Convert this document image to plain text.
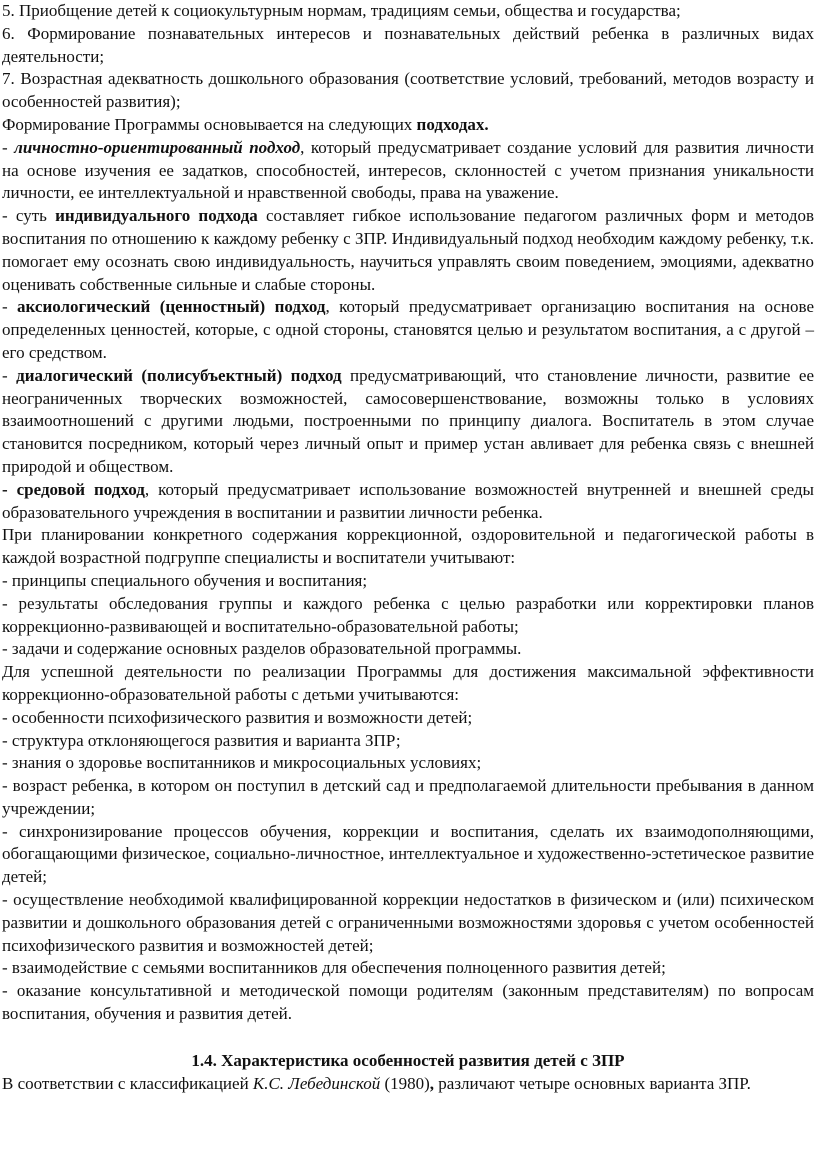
5. Приобщение детей к социокультурным нормам, традициям семьи, общества и государства;

6. Формирование познавательных интересов и познавательных действий ребенка в различных видах деятельности;

7. Возрастная адекватность дошкольного образования (соответствие условий, требований, методов возрасту и особенностей развития);

Формирование Программы основывается на следующих подходах.

- личностно-ориентированный подход, который предусматривает создание условий для развития личности на основе изучения ее задатков, способностей, интересов, склонностей с учетом признания уникальности личности, ее интеллектуальной и нравственной свободы, права на уважение.

- суть индивидуального подхода составляет гибкое использование педагогом различных форм и методов воспитания по отношению к каждому ребенку с ЗПР. Индивидуальный подход необходим каждому ребенку, т.к. помогает ему осознать свою индивидуальность, научиться управлять своим поведением, эмоциями, адекватно оценивать собственные сильные и слабые стороны.

- аксиологический (ценностный) подход, который предусматривает организацию воспитания на основе определенных ценностей, которые, с одной стороны, становятся целью и результатом воспитания, а с другой – его средством.

- диалогический (полисубъектный) подход предусматривающий, что становление личности, развитие ее неограниченных творческих возможностей, самосовершенствование, возможны только в условиях взаимоотношений с другими людьми, построенными по принципу диалога. Воспитатель в этом случае становится посредником, который через личный опыт и пример устан авливает для ребенка связь с внешней природой и обществом.

- средовой подход, который предусматривает использование возможностей внутренней и внешней среды образовательного учреждения в воспитании и развитии личности ребенка.

При планировании конкретного содержания коррекционной, оздоровительной и педагогической работы в каждой возрастной подгруппе специалисты и воспитатели учитывают:

- принципы специального обучения и воспитания;

- результаты обследования группы и каждого ребенка с целью разработки или корректировки планов коррекционно-развивающей и воспитательно-образовательной работы;

- задачи и содержание основных разделов образовательной программы.

Для успешной деятельности по реализации Программы для достижения максимальной эффективности коррекционно-образовательной работы с детьми учитываются:

- особенности психофизического развития и возможности детей;

- структура отклоняющегося развития и варианта ЗПР;

- знания о здоровье воспитанников и микросоциальных условиях;

- возраст ребенка, в котором он поступил в детский сад и предполагаемой длительности пребывания в данном учреждении;

- синхронизирование процессов обучения, коррекции и воспитания, сделать их взаимодополняющими, обогащающими физическое, социально-личностное, интеллектуальное и художественно-эстетическое развитие детей;

- осуществление необходимой квалифицированной коррекции недостатков в физическом и (или) психическом развитии и дошкольного образования детей с ограниченными возможностями здоровья с учетом особенностей психофизического развития и возможностей детей;

- взаимодействие с семьями воспитанников для обеспечения полноценного развития детей;

- оказание консультативной и методической помощи родителям (законным представителям) по вопросам воспитания, обучения и развития детей.

1.4. Характеристика особенностей развития детей с ЗПР

В соответствии с классификацией К.С. Лебединской (1980), различают четыре основных варианта ЗПР.
